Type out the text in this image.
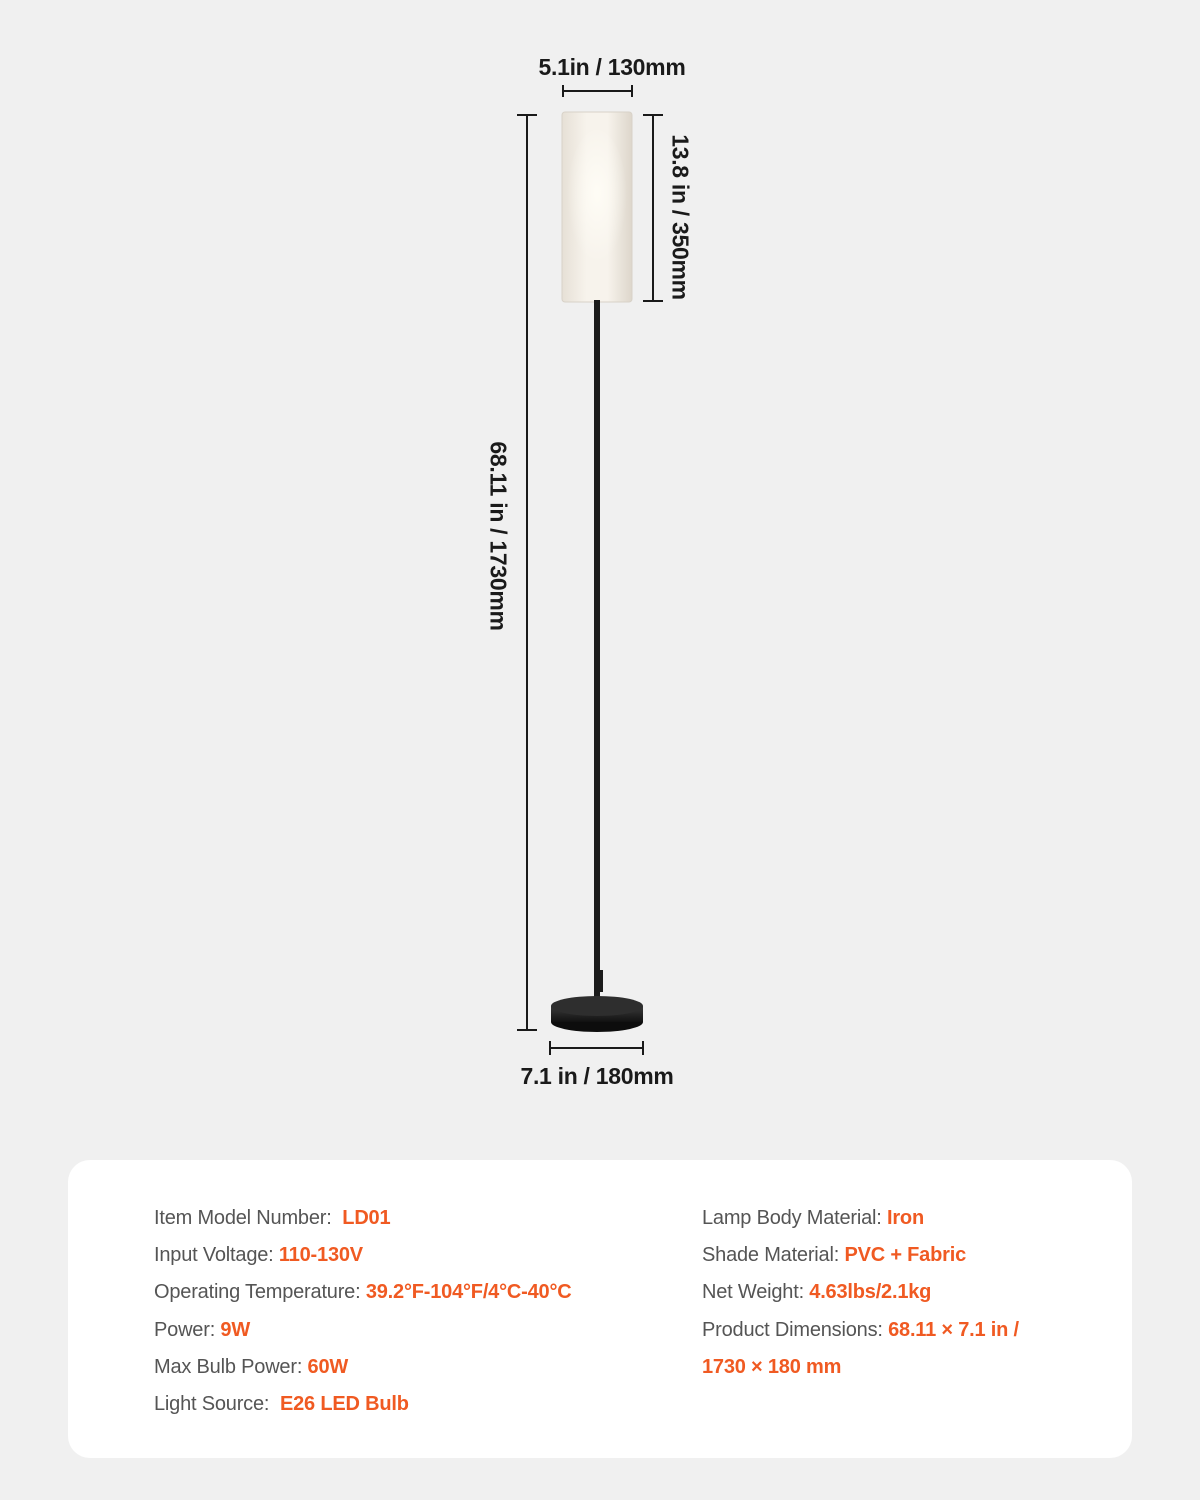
5.1in / 130mm
13.8 in / 350mm
68.11 in / 1730mm
7.1 in / 180mm
Item Model Number: LD01
Input Voltage: 110-130V
Operating Temperature: 39.2°F-104°F/4°C-40°C
Power: 9W
Max Bulb Power: 60W
Light Source: E26 LED Bulb
Lamp Body Material: Iron
Shade Material: PVC + Fabric
Net Weight: 4.63lbs/2.1kg
Product Dimensions: 68.11 × 7.1 in /
1730 × 180 mm
